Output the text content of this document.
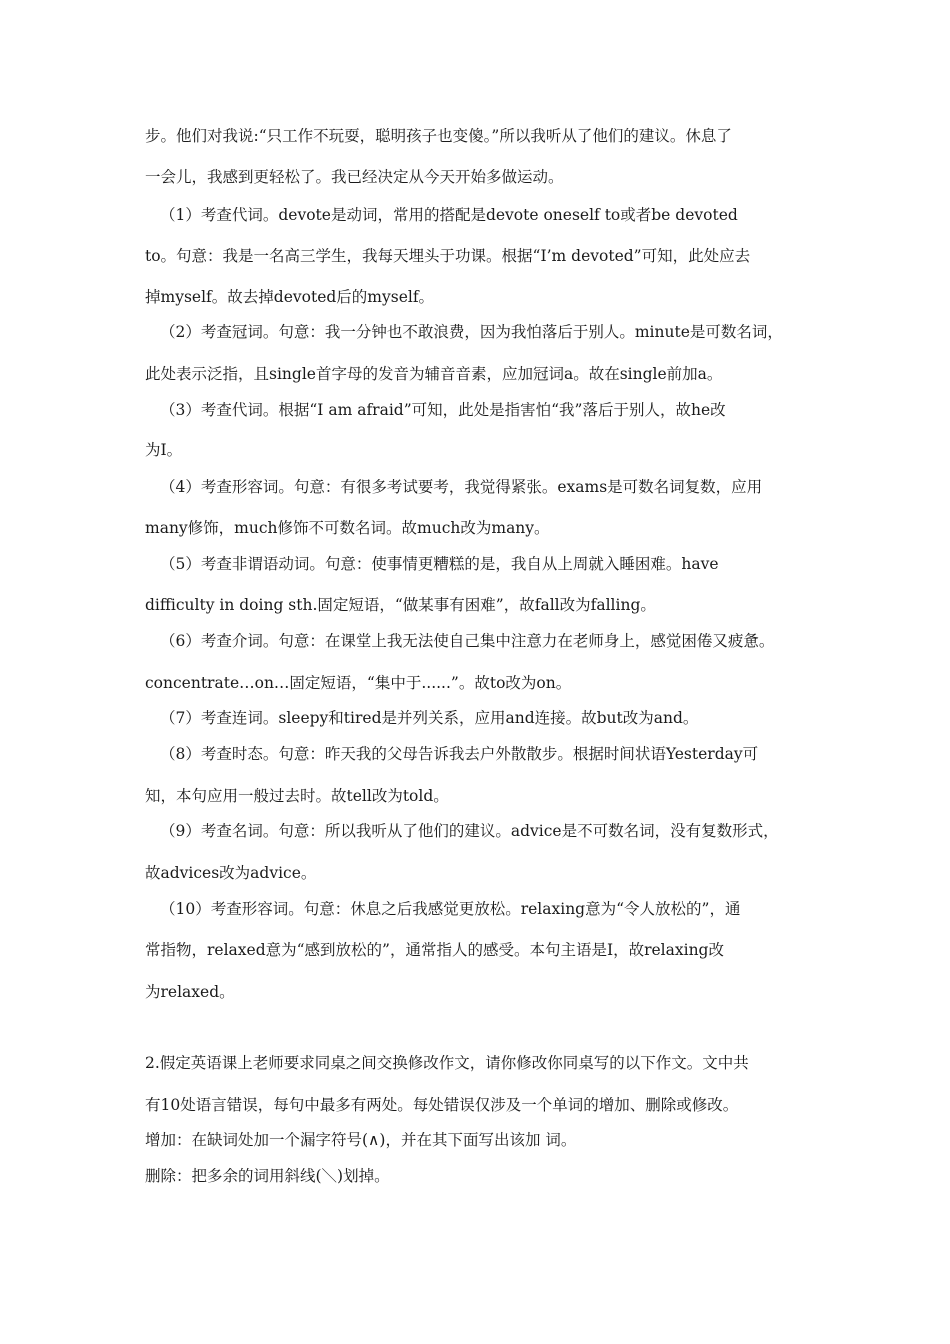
步。他们对我说:“只工作不玩耍，聪明孩子也变傻。”所以我听从了他们的建议。休息了
一会儿，我感到更轻松了。我已经决定从今天开始多做运动。
（1）考查代词。devote是动词，常用的搭配是devote oneself to或者be devoted
to。句意：我是一名高三学生，我每天埋头于功课。根据“I’m devoted”可知，此处应去
掉myself。故去掉devoted后的myself。
（2）考查冠词。句意：我一分钟也不敢浪费，因为我怕落后于别人。minute是可数名词，
此处表示泛指，且single首字母的发音为辅音音素，应加冠词a。故在single前加a。
（3）考查代词。根据“I am afraid”可知，此处是指害怕“我”落后于别人，故he改
为I。
（4）考查形容词。句意：有很多考试要考，我觉得紧张。exams是可数名词复数，应用
many修饰，much修饰不可数名词。故much改为many。
（5）考查非谓语动词。句意：使事情更糟糕的是，我自从上周就入睡困难。have
difficulty in doing sth.固定短语，“做某事有困难”，故fall改为falling。
（6）考查介词。句意：在课堂上我无法使自己集中注意力在老师身上，感觉困倦又疲惫。
concentrate…on…固定短语，“集中于......”。故to改为on。
（7）考查连词。sleepy和tired是并列关系，应用and连接。故but改为and。
（8）考查时态。句意：昨天我的父母告诉我去户外散散步。根据时间状语Yesterday可
知，本句应用一般过去时。故tell改为told。
（9）考查名词。句意：所以我听从了他们的建议。advice是不可数名词，没有复数形式，
故advices改为advice。
（10）考查形容词。句意：休息之后我感觉更放松。relaxing意为“令人放松的”，通
常指物，relaxed意为“感到放松的”，通常指人的感受。本句主语是I，故relaxing改
为relaxed。
2.假定英语课上老师要求同桌之间交换修改作文，请你修改你同桌写的以下作文。文中共
有10处语言错误，每句中最多有两处。每处错误仅涉及一个单词的增加、删除或修改。
增加：在缺词处加一个漏字符号(∧)，并在其下面写出该加 词。
删除：把多余的词用斜线(＼)划掉。
